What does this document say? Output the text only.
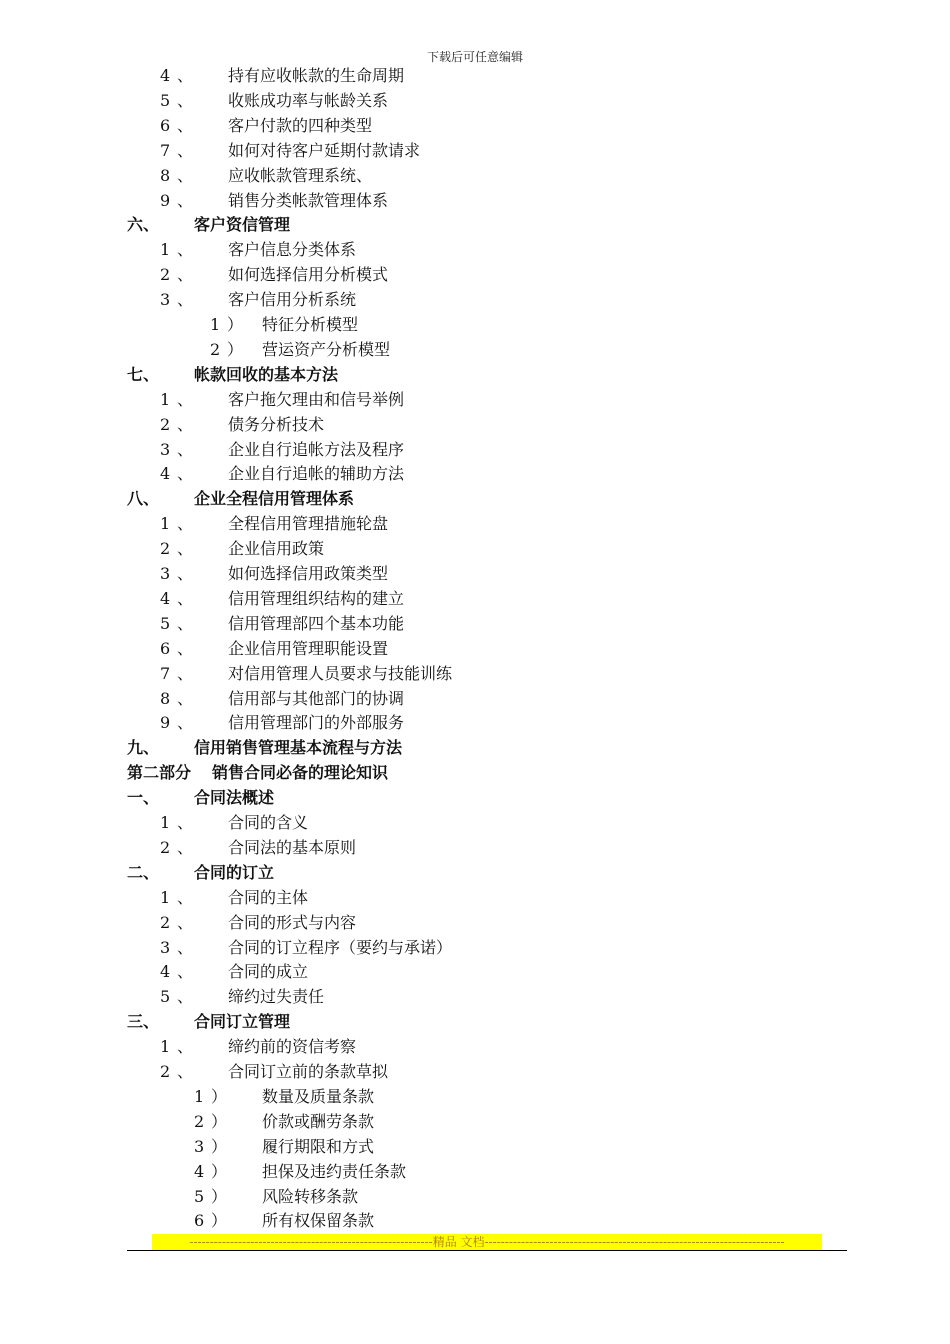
下载后可任意编辑
4 、 持有应收帐款的生命周期
5 、 收账成功率与帐龄关系
6 、 客户付款的四种类型
7 、 如何对待客户延期付款请求
8 、 应收帐款管理系统、
9 、 销售分类帐款管理体系
六、 客户资信管理
1 、 客户信息分类体系
2 、 如何选择信用分析模式
3 、 客户信用分析系统
1 ） 特征分析模型
2 ） 营运资产分析模型
七、 帐款回收的基本方法
1 、 客户拖欠理由和信号举例
2 、 债务分析技术
3 、 企业自行追帐方法及程序
4 、 企业自行追帐的辅助方法
八、 企业全程信用管理体系
1 、 全程信用管理措施轮盘
2 、 企业信用政策
3 、 如何选择信用政策类型
4 、 信用管理组织结构的建立
5 、 信用管理部四个基本功能
6 、 企业信用管理职能设置
7 、 对信用管理人员要求与技能训练
8 、 信用部与其他部门的协调
9 、 信用管理部门的外部服务
九、 信用销售管理基本流程与方法
第二部分 销售合同必备的理论知识
一、 合同法概述
1 、 合同的含义
2 、 合同法的基本原则
二、 合同的订立
1 、 合同的主体
2 、 合同的形式与内容
3 、 合同的订立程序（要约与承诺）
4 、 合同的成立
5 、 缔约过失责任
三、 合同订立管理
1 、 缔约前的资信考察
2 、 合同订立前的条款草拟
1 ） 数量及质量条款
2 ） 价款或酬劳条款
3 ） 履行期限和方式
4 ） 担保及违约责任条款
5 ） 风险转移条款
6 ） 所有权保留条款
------------------------------------------------------------精品 文档--------------------------------------------------------------------------
